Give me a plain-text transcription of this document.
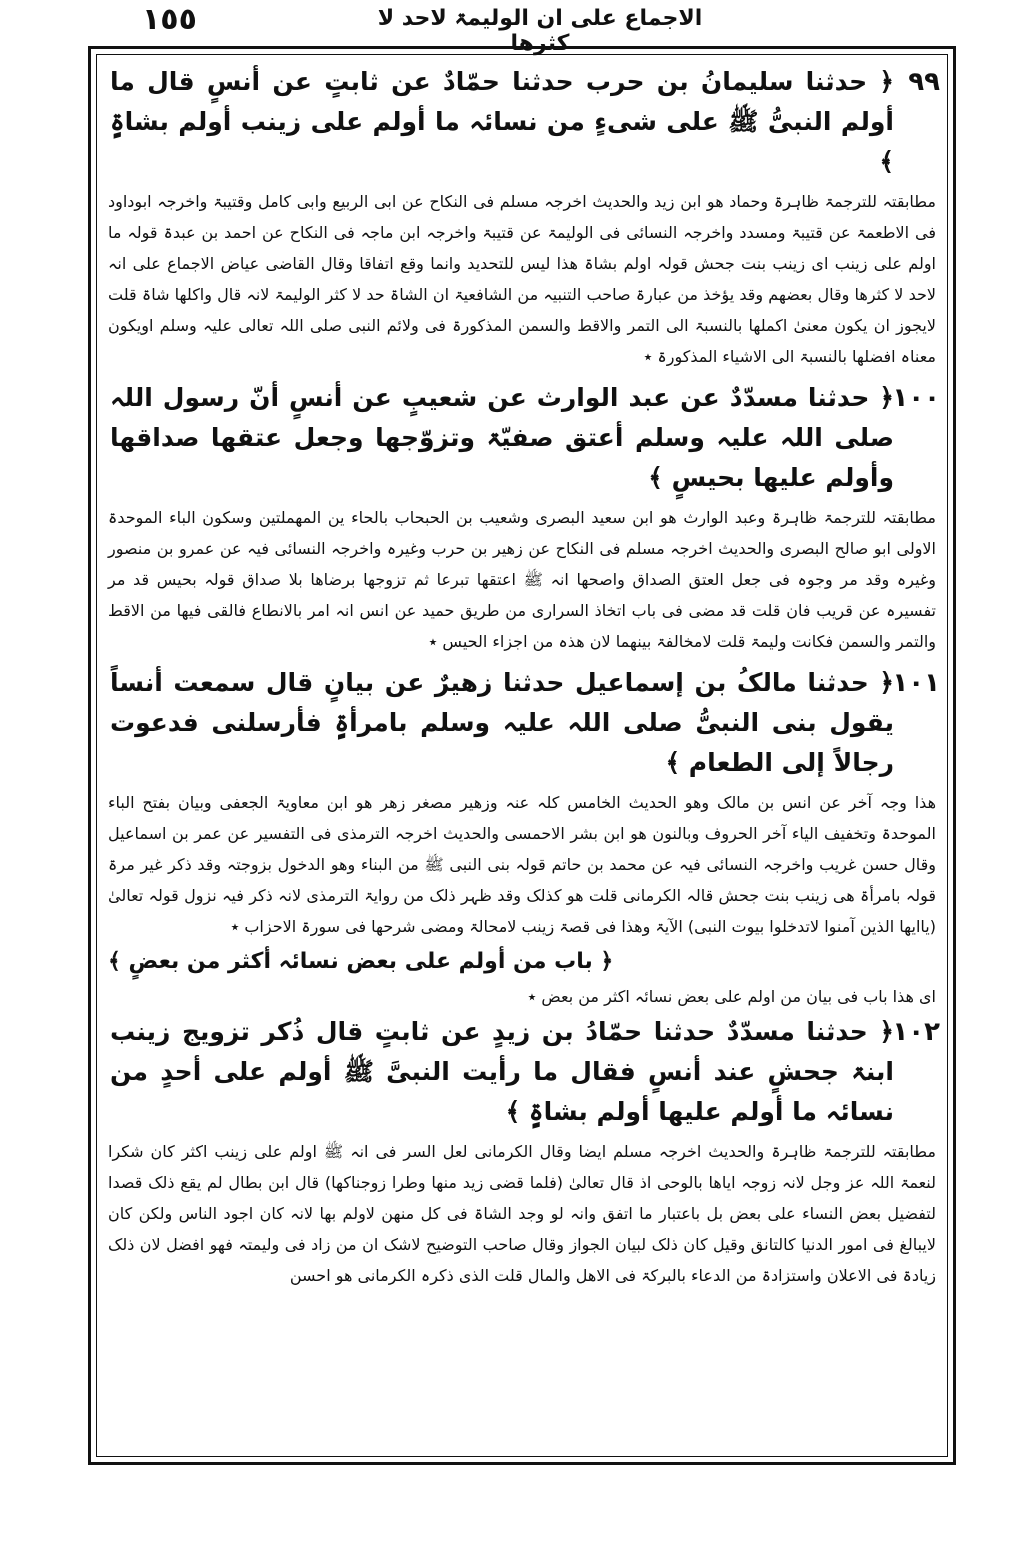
١٥٥	الاجماع علی ان الولیمۃ لاحد لا کثرھا
٩٩
﴿ حدثنا سلیمانُ بن حرب حدثنا حمّادٌ عن ثابتٍ عن أنسٍ قال ما أولم النبیُّ ﷺ علی شیءٍ من نسائہ ما أولم علی زینب أولم بشاۃٍ ﴾

مطابقتہ للترجمۃ ظاہرۃ وحماد ھو ابن زید والحدیث اخرجہ مسلم فی النکاح عن ابی الربیع وابی کامل وقتیبۃ واخرجہ ابوداود فی الاطعمۃ عن قتیبۃ ومسدد واخرجہ النسائی فی الولیمۃ عن قتیبۃ واخرجہ ابن ماجہ فی النکاح عن احمد بن عبدۃ قولہ ما اولم علی زینب ای زینب بنت جحش قولہ اولم بشاۃ ھذا لیس للتحدید وانما وقع اتفاقا وقال القاضی عیاض الاجماع علی انہ لاحد لا کثرھا وقال بعضھم وقد یؤخذ من عبارۃ صاحب التنبیہ من الشافعیۃ ان الشاۃ حد لا کثر الولیمۃ لانہ قال واکلھا شاۃ قلت لایجوز ان یکون معنیٰ اکملھا بالنسبۃ الی التمر والاقط والسمن المذکورۃ فی ولائم النبی صلی اللہ تعالی علیہ وسلم اویکون معناہ افضلھا بالنسبۃ الی الاشیاء المذکورۃ ٭

١٠٠
﴿ حدثنا مسدّدٌ عن عبد الوارث عن شعیبٍ عن أنسٍ أنّ رسول اللہ صلی اللہ علیہ وسلم أعتق صفیّۃ وتزوّجھا وجعل عتقھا صداقھا وأولم علیھا بحیسٍ ﴾

مطابقتہ للترجمۃ ظاہرۃ وعبد الوارث ھو ابن سعید البصری وشعیب بن الحبحاب بالحاء ین المھملتین وسکون الباء الموحدۃ الاولی ابو صالح البصری والحدیث اخرجہ مسلم فی النکاح عن زھیر بن حرب وغیرہ واخرجہ النسائی فیہ عن عمرو بن منصور وغیرہ وقد مر وجوہ فی جعل العتق الصداق واصحھا انہ ﷺ اعتقھا تبرعا ثم تزوجھا برضاھا بلا صداق قولہ بحیس قد مر تفسیرہ عن قریب فان قلت قد مضی فی باب اتخاذ السراری من طریق حمید عن انس انہ امر بالانطاع فالقی فیھا من الاقط والتمر والسمن فکانت ولیمۃ قلت لامخالفۃ بینھما لان ھذہ من اجزاء الحیس ٭

١٠١
﴿ حدثنا مالکُ بن إسماعیل حدثنا زھیرٌ عن بیانٍ قال سمعت أنساً یقول بنی النبیُّ صلی اللہ علیہ وسلم بامرأۃٍ فأرسلنی فدعوت رجالاً إلی الطعام ﴾

ھذا وجہ آخر عن انس بن مالک وھو الحدیث الخامس کلہ عنہ وزھیر مصغر زھر ھو ابن معاویۃ الجعفی وبیان بفتح الباء الموحدۃ وتخفیف الیاء آخر الحروف وبالنون ھو ابن بشر الاحمسی والحدیث اخرجہ الترمذی فی التفسیر عن عمر بن اسماعیل وقال حسن غریب واخرجہ النسائی فیہ عن محمد بن حاتم قولہ بنی النبی ﷺ من البناء وھو الدخول بزوجتہ وقد ذکر غیر مرۃ قولہ بامرأۃ ھی زینب بنت جحش قالہ الکرمانی قلت ھو کذلک وقد ظہر ذلک من روایۃ الترمذی لانہ ذکر فیہ نزول قولہ تعالیٰ (یاایھا الذین آمنوا لاتدخلوا بیوت النبی) الآیۃ وھذا فی قصۃ زینب لامحالۃ ومضی شرحھا فی سورۃ الاحزاب ٭

﴿ باب من أولم علی بعض نسائہ أکثر من بعضٍ ﴾

ای ھذا باب فی بیان من اولم علی بعض نسائہ اکثر من بعض ٭

١٠٢
﴿ حدثنا مسدّدٌ حدثنا حمّادُ بن زیدٍ عن ثابتٍ قال ذُکر تزویج زینب ابنۃ جحشٍ عند أنسٍ فقال ما رأیت النبیَّ ﷺ أولم علی أحدٍ من نسائہ ما أولم علیھا أولم بشاۃٍ ﴾

مطابقتہ للترجمۃ ظاہرۃ والحدیث اخرجہ مسلم ایضا وقال الکرمانی لعل السر فی انہ ﷺ اولم علی زینب اکثر کان شکرا لنعمۃ اللہ عز وجل لانہ زوجہ ایاھا بالوحی اذ قال تعالیٰ (فلما قضی زید منھا وطرا زوجناکھا) قال ابن بطال لم یقع ذلک قصدا لتفضیل بعض النساء علی بعض بل باعتبار ما اتفق وانہ لو وجد الشاۃ فی کل منھن لاولم بھا لانہ کان اجود الناس ولکن کان لایبالغ فی امور الدنیا کالتانق وقیل کان ذلک لبیان الجواز وقال صاحب التوضیح لاشک ان من زاد فی ولیمتہ فھو افضل لان ذلک زیادۃ فی الاعلان واستزادۃ من الدعاء بالبرکۃ فی الاھل والمال قلت الذی ذکرہ الکرمانی ھو احسن
